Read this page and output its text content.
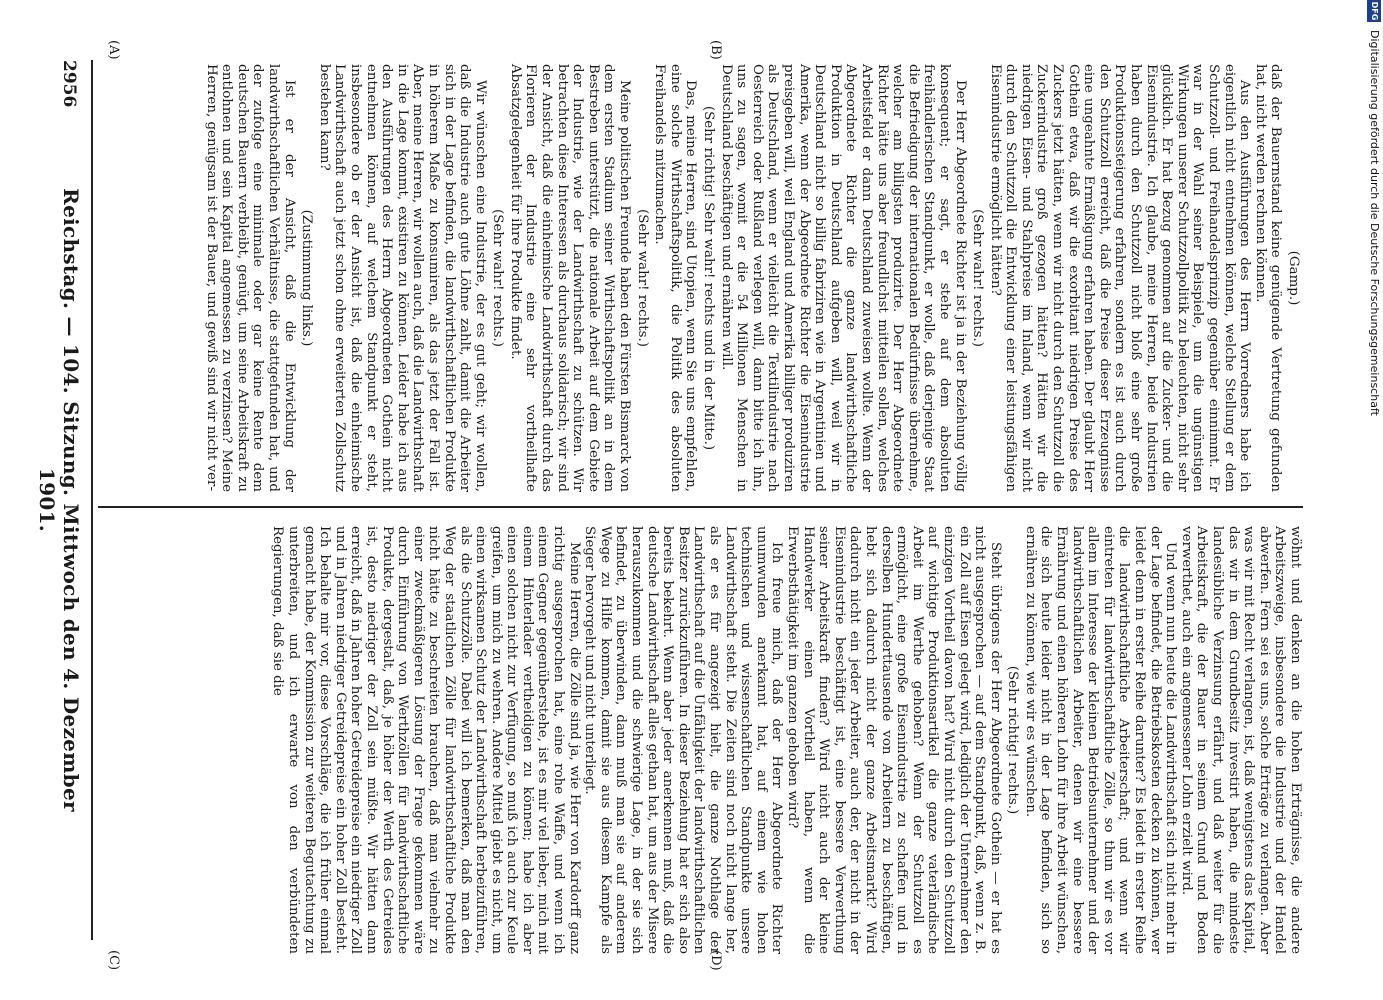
DFG
Digitalisierung gefördert durch die Deutsche Forschungsgemeinschaft
(A)	(B)
(C)	(D)

(Gamp.)

daß der Bauernstand keine genügende Vertretung gefunden hat, nicht werden rechnen können.

Aus den Ausführungen des Herrn Vorredners habe ich eigentlich nicht entnehmen können, welche Stellung er dem Schutzzoll- und Freihandelsprinzip gegenüber einnimmt. Er war in der Wahl seiner Beispiele, um die ungünstigen Wirkungen unserer Schutzzollpolitik zu beleuchten, nicht sehr glücklich. Er hat Bezug genommen auf die Zucker- und die Eisenindustrie. Ich glaube, meine Herren, beide Industrien haben durch den Schutzzoll nicht bloß eine sehr große Produktionssteigerung erfahren, sondern es ist auch durch den Schutzzoll erreicht, daß die Preise dieser Erzeugnisse eine ungeahnte Ermäßigung erfahren haben. Der glaubt Herr Gothein etwa, daß wir die exorbitant niedrigen Preise des Zuckers jetzt hätten, wenn wir nicht durch den Schutzzoll die Zuckerindustrie groß gezogen hätten? Hätten wir die niedrigen Eisen- und Stahlpreise im Inland, wenn wir nicht durch den Schutzzoll die Entwicklung einer leistungsfähigen Eisenindustrie ermöglicht hätten?

(Sehr wahr! rechts.)

Der Herr Abgeordnete Richter ist ja in der Beziehung völlig konsequent; er sagt, er stehe auf dem absoluten freihändlerischen Standpunkt, er wolle, daß derjenige Staat die Befriedigung der internationalen Bedürfnisse übernehme, welcher am billigsten produzirte. Der Herr Abgeordnete Richter hätte uns aber freundlichst mitteilen sollen, welches Arbeitsfeld er dann Deutschland zuweisen wollte. Wenn der Abgeordnete Richter die ganze landwirthschaftliche Produktion in Deutschland aufgeben will, weil wir in Deutschland nicht so billig fabriziren wie in Argentinien und Amerika, wenn der Abgeordnete Richter die Eisenindustrie preisgeben will, weil England und Amerika billiger produziren als Deutschland, wenn er vielleicht die Textilindustrie nach Oesterreich oder Rußland verlegen will, dann bitte ich ihn, uns zu sagen, womit er die 54 Millionen Menschen in Deutschland beschäftigen und ernähren will.

(Sehr richtig! Sehr wahr! rechts und in der Mitte.)

Das, meine Herren, sind Utopien, wenn Sie uns empfehlen, eine solche Wirthschaftspolitik, die Politik des absoluten Freihandels mitzumachen.

(Sehr wahr! rechts.)

Meine politischen Freunde haben den Fürsten Bismarck von dem ersten Stadium seiner Wirthschaftspolitik an in dem Bestreben unterstützt, die nationale Arbeit auf dem Gebiete der Industrie, wie der Landwirthschaft zu schützen. Wir betrachten diese Interessen als durchaus solidarisch; wir sind der Ansicht, daß die einheimische Landwirthschaft durch das Florieren der Industrie eine sehr vortheilhafte Absatzgelegenheit für ihre Produkte findet.

(Sehr wahr! rechts.)

Wir wünschen eine Industrie, der es gut geht; wir wollen, daß die Industrie auch gute Löhne zahlt, damit die Arbeiter sich in der Lage befinden, die landwirthschaftlichen Produkte in höherem Maße zu konsumiren, als das jetzt der Fall ist. Aber, meine Herren, wir wollen auch, daß die Landwirthschaft in die Lage kommt, existiren zu können. Leider habe ich aus den Ausführungen des Herrn Abgeordneten Gothein nicht entnehmen können, auf welchem Standpunkt er steht, insbesondere ob er der Ansicht ist, daß die einheimische Landwirthschaft auch jetzt schon ohne erweiterten Zollschutz bestehen kann?

(Zustimmung links.)

Ist er der Ansicht, daß die Entwicklung der landwirthschaftlichen Verhältnisse, die stattgefunden hat, und der zufolge eine minimale oder gar keine Rente dem deutschen Bauern verbleibt, genügt, um seine Arbeitskraft zu entlohnen und sein Kapital angemessen zu verzinsen? Meine Herren, genügsam ist der Bauer, und gewiß sind wir nicht ver-

wöhnt und denken an die hohen Erträgnisse, die andere Arbeitszweige, insbesondere die Industrie und der Handel abwerfen. Fern sei es uns, solche Erträge zu verlangen. Aber was wir mit Recht verlangen, ist, daß wenigstens das Kapital, das wir in dem Grundbesitz investirt haben, die mindeste landesübliche Verzinsung erfährt, und daß weiter für die Arbeitskraft, die der Bauer in seinem Grund und Boden verwerthet, auch ein angemessener Lohn erzielt wird.

Und wenn nun heute die Landwirthschaft sich nicht mehr in der Lage befindet, die Betriebskosten decken zu können, wer leidet denn in erster Reihe darunter? Es leidet in erster Reihe die landwirthschaftliche Arbeiterschaft; und wenn wir eintreten für landwirthschaftliche Zölle, so thun wir es vor allem im Interesse der kleinen Betriebsunternehmer und der landwirthschaftlichen Arbeiter, denen wir eine bessere Ernährung und einen höheren Lohn für ihre Arbeit wünschen, die sich heute leider nicht in der Lage befinden, sich so ernähren zu können, wie wir es wünschen.

(Sehr richtig! rechts.)

Steht übrigens der Herr Abgeordnete Gothein — er hat es nicht ausgesprochen — auf dem Standpunkt, daß, wenn z. B. ein Zoll auf Eisen gelegt wird, lediglich der Unternehmer den einzigen Vortheil davon hat? Wird nicht durch den Schutzzoll auf wichtige Produktionsartikel die ganze vaterländische Arbeit im Werthe gehoben? Wenn der Schutzzoll es ermöglicht, eine große Eisenindustrie zu schaffen und in derselben Hunderttausende von Arbeitern zu beschäftigen, hebt sich dadurch nicht der ganze Arbeitsmarkt? Wird dadurch nicht ein jeder Arbeiter, auch der, der nicht in der Eisenindustrie beschäftigt ist, eine bessere Verwerthung seiner Arbeitskraft finden? Wird nicht auch der kleine Handwerker einen Vortheil haben, wenn die Erwerbsthätigkeit im ganzen gehoben wird?

Ich freue mich, daß der Herr Abgeordnete Richter unumwunden anerkannt hat, auf einem wie hohen technischen und wissenschaftlichen Standpunkte unsere Landwirthschaft steht. Die Zeiten sind noch nicht lange her, als er es für angezeigt hielt, die ganze Nothlage der Landwirthschaft auf die Unfähigkeit der landwirthschaftlichen Besitzer zurückzuführen. In dieser Beziehung hat er sich also bereits bekehrt. Wenn aber jeder anerkennen muß, daß die deutsche Landwirthschaft alles gethan hat, um aus der Misere herauszukommen und die schwierige Lage, in der sie sich befindet, zu überwinden, dann muß man sie auf anderem Wege zu Hilfe kommen, damit sie aus diesem Kampfe als Sieger hervorgeht und nicht unterliegt.

Meine Herren, die Zölle sind ja, wie Herr von Kardorff ganz richtig ausgesprochen hat, eine rohe Waffe, und wenn ich einem Gegner gegenüberstehe, ist es mir viel lieber, mich mit einem Hinterlader vertheidigen zu können; habe ich aber einen solchen nicht zur Verfügung, so muß ich auch zur Keule greifen, um mich zu wehren. Andere Mittel giebt es nicht, um einen wirksamen Schutz der Landwirthschaft herbeizuführen, als die Schutzzölle. Dabei will ich bemerken, daß man den Weg der staatlichen Zölle für landwirthschaftliche Produkte nicht hätte zu beschreiten brauchen, daß man vielmehr zu einer zweckmäßigeren Lösung der Frage gekommen wäre durch Einführung von Werthzöllen für landwirthschaftliche Produkte, dergestalt, daß, je höher der Werth des Getreides ist, desto niedriger der Zoll sein müßte. Wir hätten dann erreicht, daß in Jahren hoher Getreidepreise ein niedriger Zoll und in Jahren niedriger Getreidepreise ein hoher Zoll besteht. Ich behalte mir vor, diese Vorschläge, die ich früher einmal gemacht habe, der Kommission zur weiteren Begutachtung zu unterbreiten, und ich erwarte von den verbündeten Regierungen, daß sie die

2956
Reichstag. — 104. Sitzung. Mittwoch den 4. Dezember 1901.
